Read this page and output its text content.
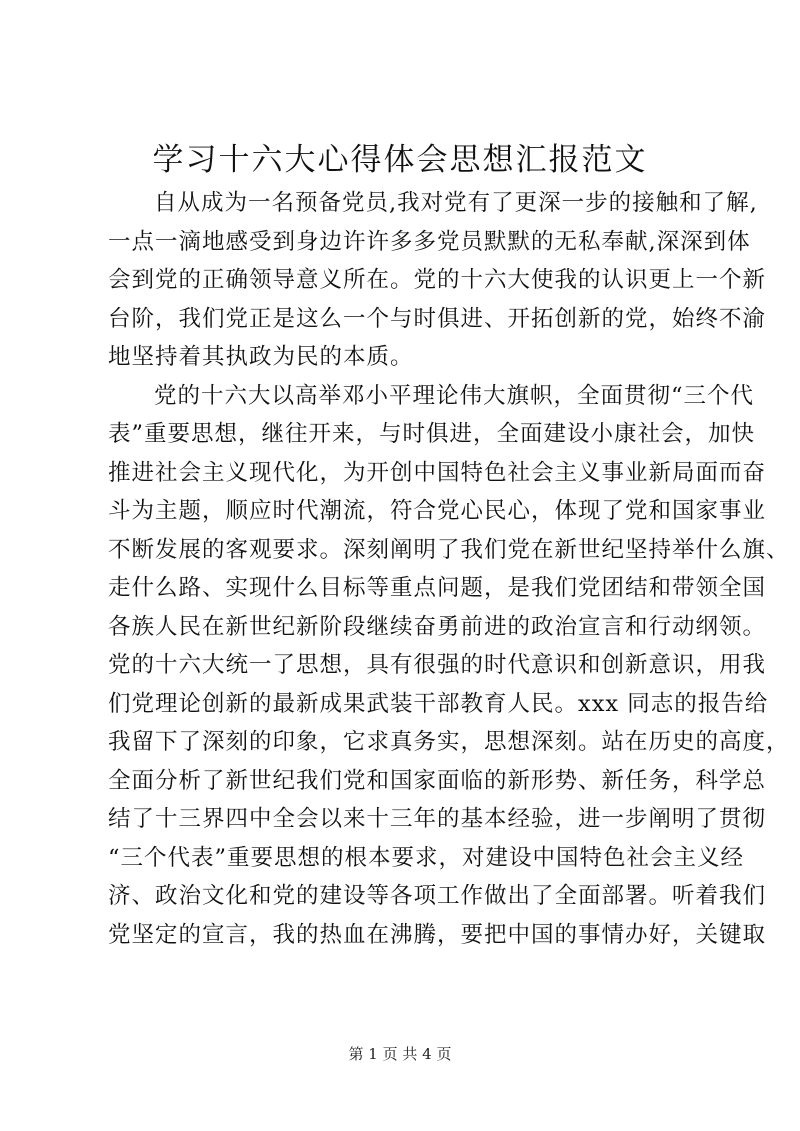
学习十六大心得体会思想汇报范文
自从成为一名预备党员,我对党有了更深一步的接触和了解,
一点一滴地感受到身边许许多多党员默默的无私奉献,深深到体
会到党的正确领导意义所在。党的十六大使我的认识更上一个新
台阶，我们党正是这么一个与时俱进、开拓创新的党，始终不渝
地坚持着其执政为民的本质。
党的十六大以高举邓小平理论伟大旗帜，全面贯彻“三个代
表”重要思想，继往开来，与时俱进，全面建设小康社会，加快
推进社会主义现代化，为开创中国特色社会主义事业新局面而奋
斗为主题，顺应时代潮流，符合党心民心，体现了党和国家事业
不断发展的客观要求。深刻阐明了我们党在新世纪坚持举什么旗、
走什么路、实现什么目标等重点问题，是我们党团结和带领全国
各族人民在新世纪新阶段继续奋勇前进的政治宣言和行动纲领。
党的十六大统一了思想，具有很强的时代意识和创新意识，用我
们党理论创新的最新成果武装干部教育人民。xxx 同志的报告给
我留下了深刻的印象，它求真务实，思想深刻。站在历史的高度，
全面分析了新世纪我们党和国家面临的新形势、新任务，科学总
结了十三界四中全会以来十三年的基本经验，进一步阐明了贯彻
“三个代表”重要思想的根本要求，对建设中国特色社会主义经
济、政治文化和党的建设等各项工作做出了全面部署。听着我们
党坚定的宣言，我的热血在沸腾，要把中国的事情办好，关键取
第 1 页 共 4 页
